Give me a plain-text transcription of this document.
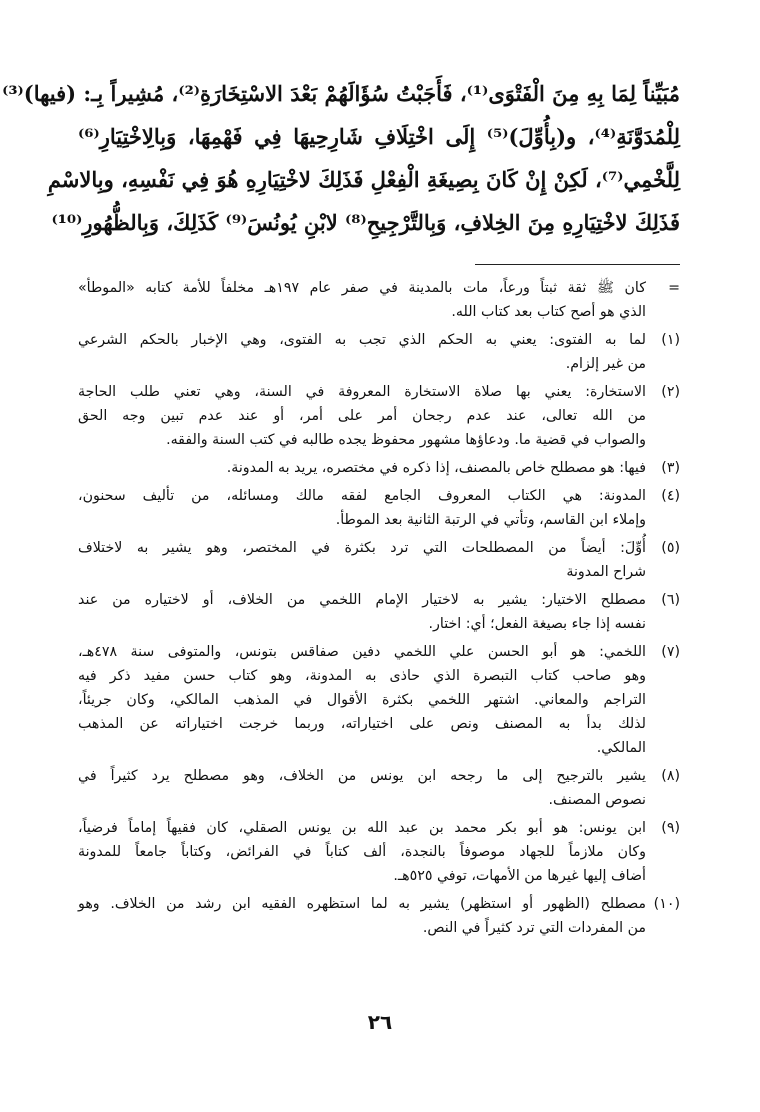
مُبَيِّناً لِمَا بِهِ مِنَ الْفَتْوَى⁽¹⁾، فَأَجَبْتُ سُؤَالَهُمْ بَعْدَ الاسْتِخَارَةِ⁽²⁾، مُشِيراً بِـ: (فيها)⁽³⁾
لِلْمُدَوَّنَةِ⁽⁴⁾، و(بِأُوِّلَ)⁽⁵⁾ إِلَى اخْتِلَافِ شَارِحِيهَا فِي فَهْمِهَا، وَبِالِاخْتِيَارِ⁽⁶⁾
لِلَّخْمِي⁽⁷⁾، لَكِنْ إِنْ كَانَ بِصِيغَةِ الْفِعْلِ فَذَلِكَ لاخْتِيَارِهِ هُوَ فِي نَفْسِهِ، وبِالاسْمِ
فَذَلِكَ لاخْتِيَارِهِ مِنَ الخِلافِ، وَبِالتَّرْجِيحِ⁽⁸⁾ لابْنِ يُونُسَ⁽⁹⁾ كَذَلِكَ، وَبِالظُّهُورِ⁽¹⁰⁾
=
كان ﷺ ثقة ثبتاً ورعاً، مات بالمدينة في صفر عام ١٩٧هـ مخلفاً للأمة كتابه «الموطأ»
الذي هو أصح كتاب بعد كتاب الله.
(١)
لما به الفتوى: يعني به الحكم الذي تجب به الفتوى، وهي الإخبار بالحكم الشرعي
من غير إلزام.
(٢)
الاستخارة: يعني بها صلاة الاستخارة المعروفة في السنة، وهي تعني طلب الحاجة
من الله تعالى، عند عدم رجحان أمر على أمر، أو عند عدم تبين وجه الحق
والصواب في قضية ما. ودعاؤها مشهور محفوظ يجده طالبه في كتب السنة والفقه.
(٣)
فيها: هو مصطلح خاص بالمصنف، إذا ذكره في مختصره، يريد به المدونة.
(٤)
المدونة: هي الكتاب المعروف الجامع لفقه مالك ومسائله، من تأليف سحنون،
وإملاء ابن القاسم، وتأتي في الرتبة الثانية بعد الموطأ.
(٥)
أُوِّلَ: أيضاً من المصطلحات التي ترد بكثرة في المختصر، وهو يشير به لاختلاف
شراح المدونة
(٦)
مصطلح الاختيار: يشير به لاختيار الإمام اللخمي من الخلاف، أو لاختياره من عند
نفسه إذا جاء بصيغة الفعل؛ أي: اختار.
(٧)
اللخمي: هو أبو الحسن علي اللخمي دفين صفاقس بتونس، والمتوفى سنة ٤٧٨هـ،
وهو صاحب كتاب التبصرة الذي حاذى به المدونة، وهو كتاب حسن مفيد ذكر فيه
التراجم والمعاني. اشتهر اللخمي بكثرة الأقوال في المذهب المالكي، وكان جريئاً،
لذلك بدأ به المصنف ونص على اختياراته، وربما خرجت اختياراته عن المذهب
المالكي.
(٨)
يشير بالترجيح إلى ما رجحه ابن يونس من الخلاف، وهو مصطلح يرد كثيراً في
نصوص المصنف.
(٩)
ابن يونس: هو أبو بكر محمد بن عبد الله بن يونس الصقلي، كان فقيهاً إماماً فرضياً،
وكان ملازماً للجهاد موصوفاً بالنجدة، ألف كتاباً في الفرائض، وكتاباً جامعاً للمدونة
أضاف إليها غيرها من الأمهات، توفي ٥٢٥هـ.
(١٠)
مصطلح (الظهور أو استظهر) يشير به لما استظهره الفقيه ابن رشد من الخلاف. وهو
من المفردات التي ترد كثيراً في النص.
٢٦
